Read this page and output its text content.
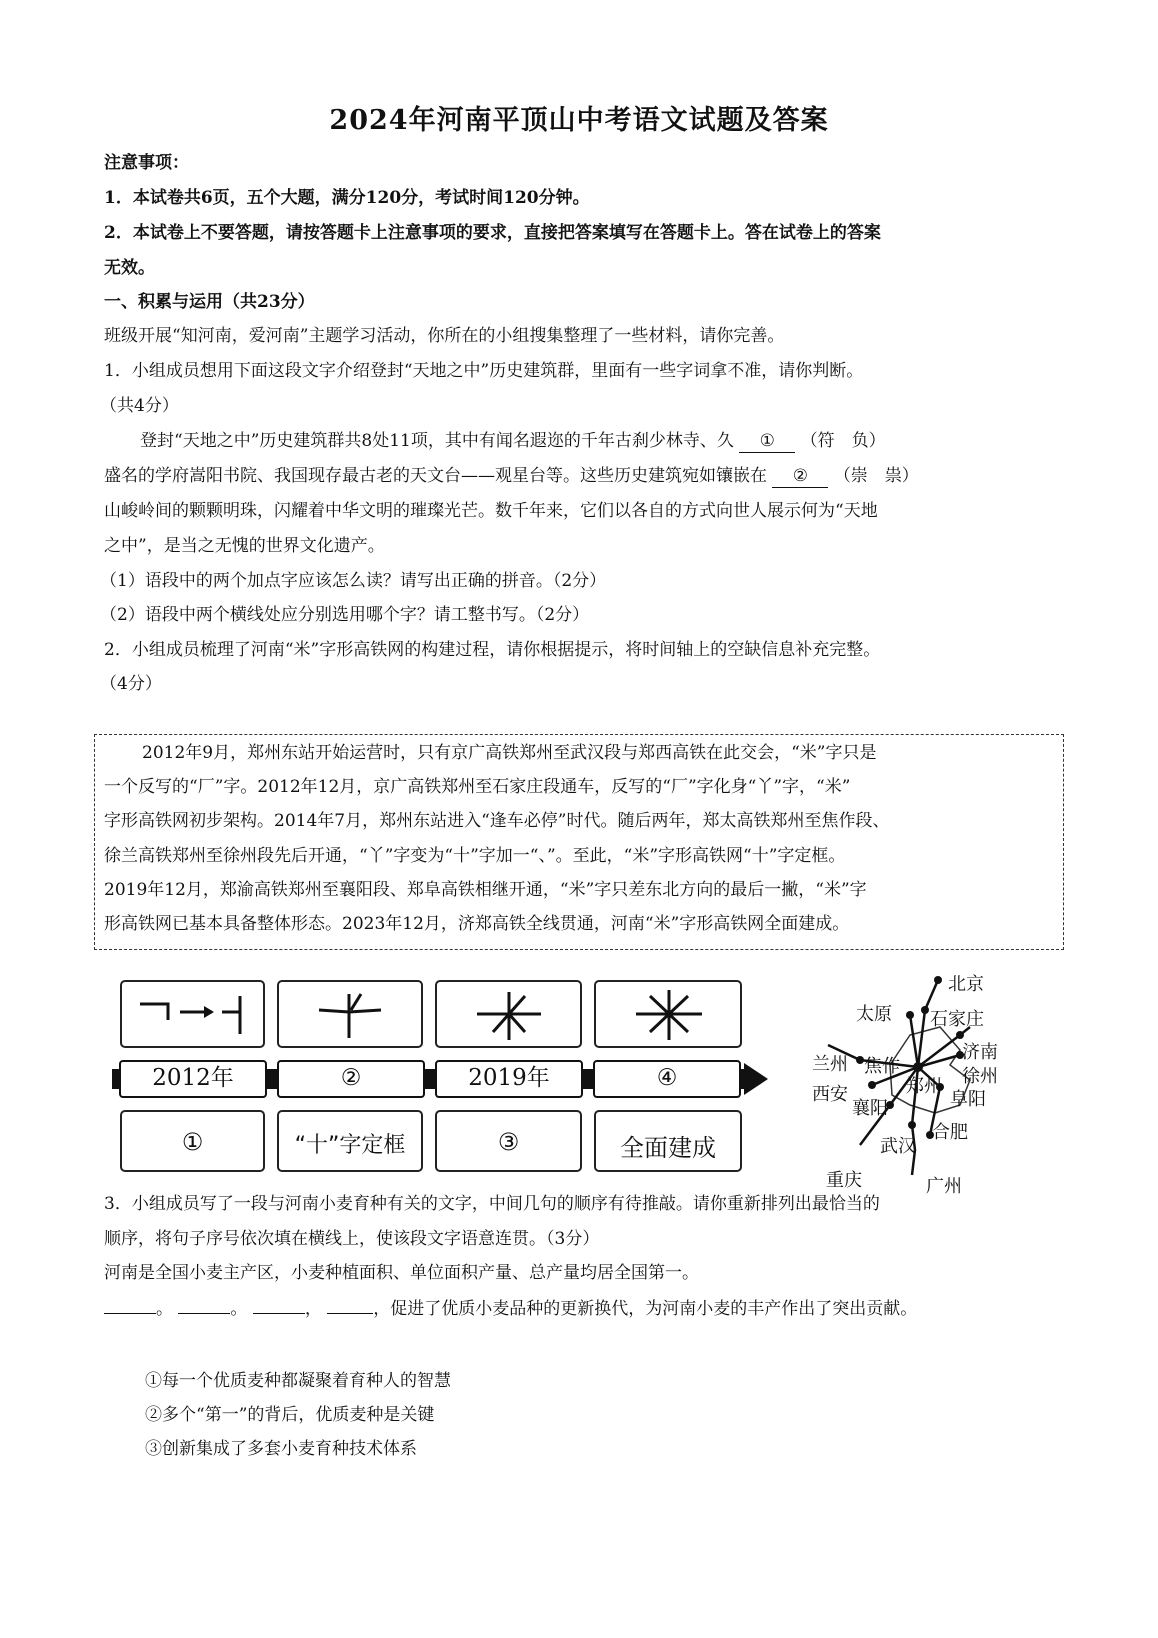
2024年河南平顶山中考语文试题及答案
注意事项：
1．本试卷共6页，五个大题，满分120分，考试时间120分钟。
2．本试卷上不要答题，请按答题卡上注意事项的要求，直接把答案填写在答题卡上。答在试卷上的答案
无效。
一、积累与运用（共23分）
班级开展“知河南，爱河南”主题学习活动，你所在的小组搜集整理了一些材料，请你完善。
1．小组成员想用下面这段文字介绍登封“天地之中”历史建筑群，里面有一些字词拿不准，请你判断。
（共4分）
登封“天地之中”历史建筑群共8处11项，其中有闻名遐迩的千年古刹少林寺、久 ① （符　负）
盛名的学府嵩阳书院、我国现存最古老的天文台——观星台等。这些历史建筑宛如镶嵌在 ② （崇　祟）
山峻岭间的颗颗明珠，闪耀着中华文明的璀璨光芒。数千年来，它们以各自的方式向世人展示何为“天地
之中”，是当之无愧的世界文化遗产。
（1）语段中的两个加点字应该怎么读？请写出正确的拼音。（2分）
（2）语段中两个横线处应分别选用哪个字？请工整书写。（2分）
2．小组成员梳理了河南“米”字形高铁网的构建过程，请你根据提示，将时间轴上的空缺信息补充完整。
（4分）
2012年9月，郑州东站开始运营时，只有京广高铁郑州至武汉段与郑西高铁在此交会，“米”字只是
一个反写的“厂”字。2012年12月，京广高铁郑州至石家庄段通车，反写的“厂”字化身“丫”字，“米”
字形高铁网初步架构。2014年7月，郑州东站进入“逢车必停”时代。随后两年，郑太高铁郑州至焦作段、
徐兰高铁郑州至徐州段先后开通，“丫”字变为“十”字加一“、”。至此，“米”字形高铁网“十”字定框。
2019年12月，郑渝高铁郑州至襄阳段、郑阜高铁相继开通，“米”字只差东北方向的最后一撇，“米”字
形高铁网已基本具备整体形态。2023年12月，济郑高铁全线贯通，河南“米”字形高铁网全面建成。
2012年	②	2019年	④
①	“十”字定框	③	全面建成
北京
太原 石家庄
济南
徐州
兰州 焦作
郑州
西安
襄阳	阜阳
武汉
合肥
重庆	广州
3．小组成员写了一段与河南小麦育种有关的文字，中间几句的顺序有待推敲。请你重新排列出最恰当的
顺序，将句子序号依次填在横线上，使该段文字语意连贯。（3分）
河南是全国小麦主产区，小麦种植面积、单位面积产量、总产量均居全国第一。
。	。	，	，促进了优质小麦品种的更新换代，为河南小麦的丰产作出了突出贡献。
①每一个优质麦种都凝聚着育种人的智慧
②多个“第一”的背后，优质麦种是关键
③创新集成了多套小麦育种技术体系
